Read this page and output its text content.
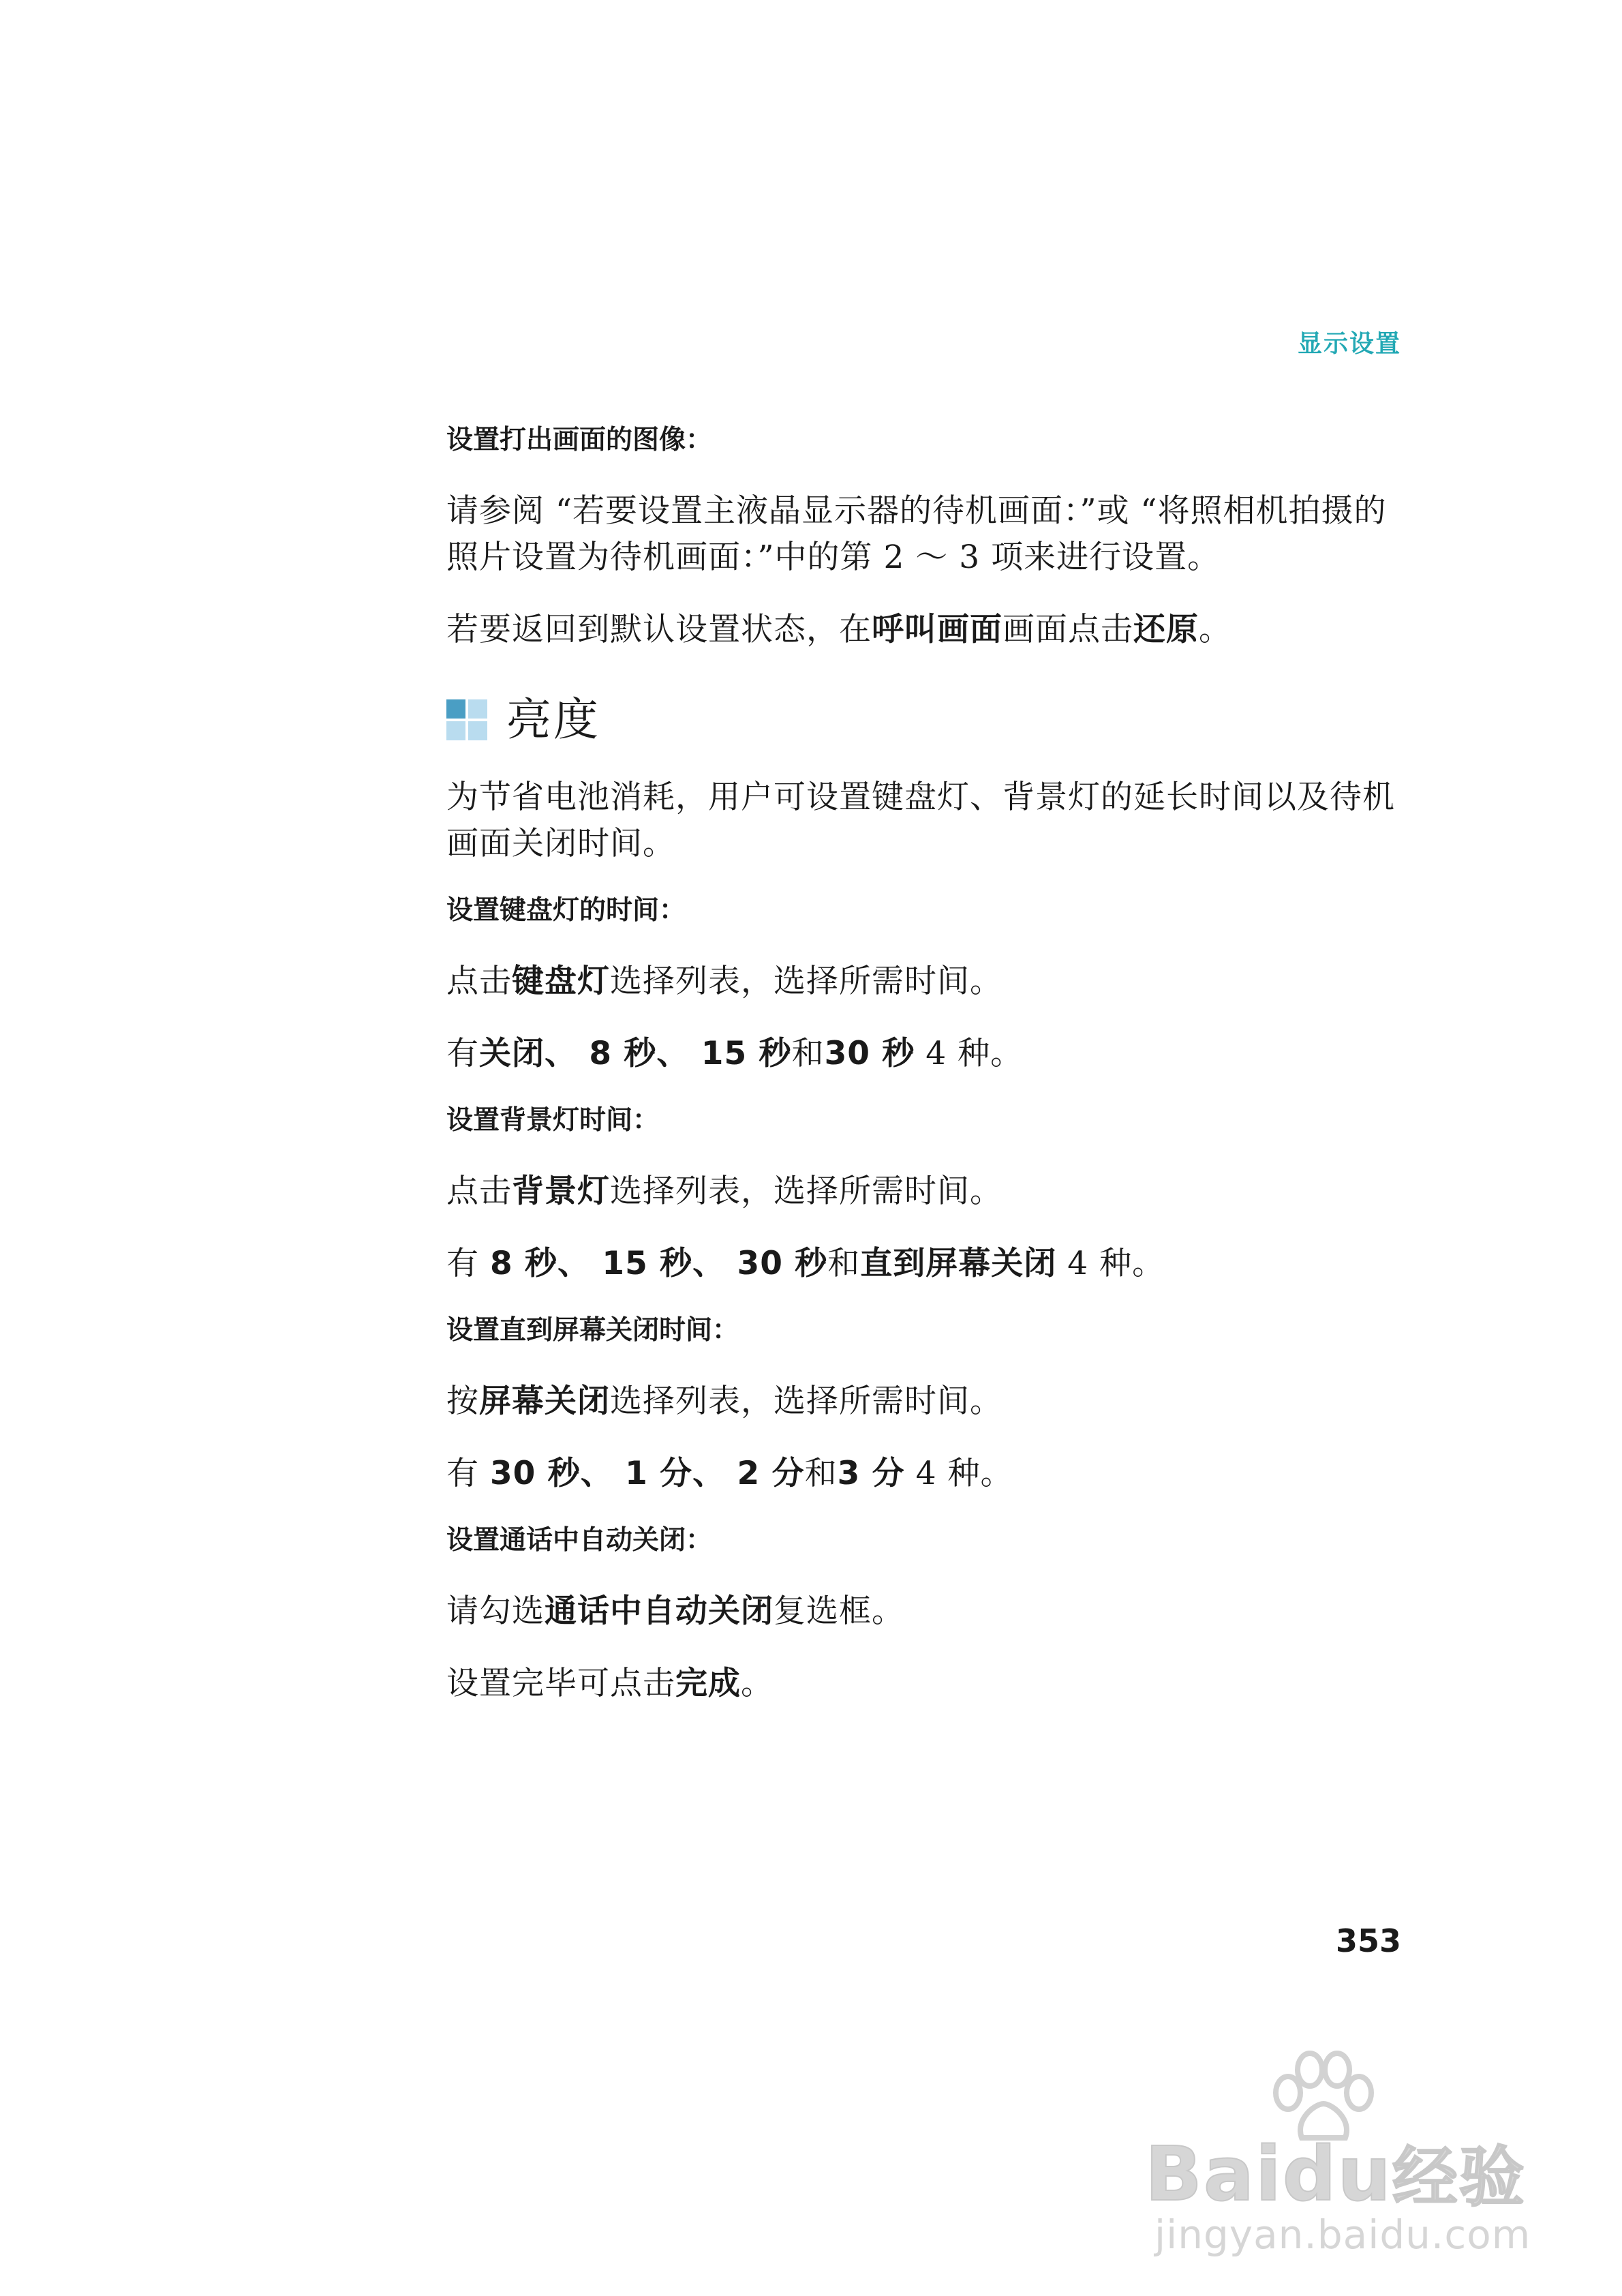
显示设置

设置打出画面的图像：

请参阅 “若要设置主液晶显示器的待机画面：”或 “将照相机拍摄的照片设置为待机画面：”中的第 2 ～ 3 项来进行设置。

若要返回到默认设置状态，在呼叫画面画面点击还原。

亮度

为节省电池消耗，用户可设置键盘灯、背景灯的延长时间以及待机画面关闭时间。

设置键盘灯的时间：

点击键盘灯选择列表，选择所需时间。

有关闭、 8 秒、 15 秒和30 秒 4 种。

设置背景灯时间：

点击背景灯选择列表，选择所需时间。

有 8 秒、 15 秒、 30 秒和直到屏幕关闭 4 种。

设置直到屏幕关闭时间：

按屏幕关闭选择列表，选择所需时间。

有 30 秒、 1 分、 2 分和3 分 4 种。

设置通话中自动关闭：

请勾选通话中自动关闭复选框。

设置完毕可点击完成。

353
Baidu经验
jingyan.baidu.com
